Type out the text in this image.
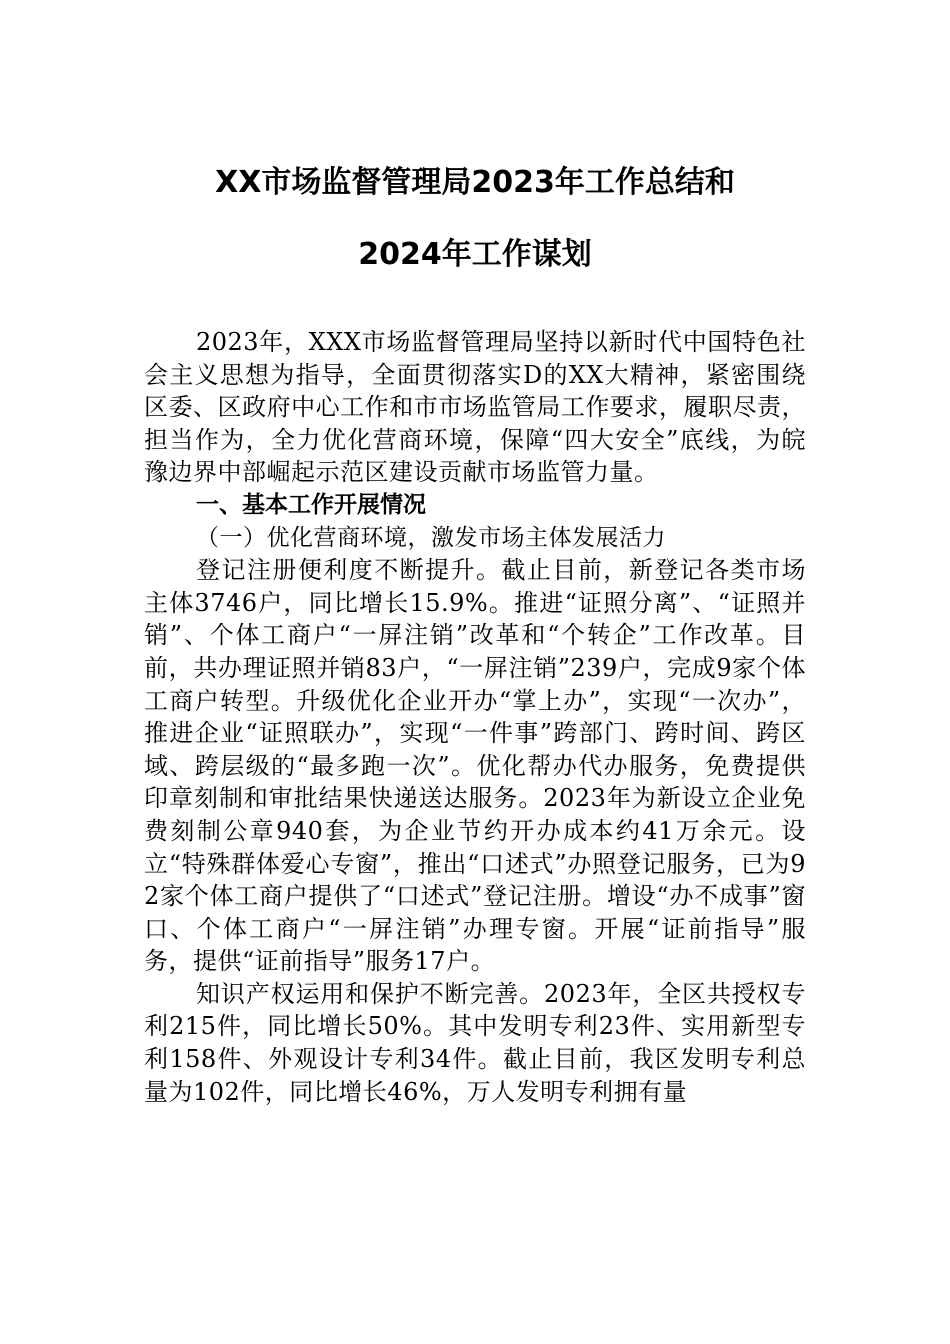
XX市场监督管理局2023年工作总结和
2024年工作谋划

2023年，XXX市场监督管理局坚持以新时代中国特色社会主义思想为指导，全面贯彻落实D的XX大精神，紧密围绕区委、区政府中心工作和市市场监管局工作要求，履职尽责，担当作为，全力优化营商环境，保障“四大安全”底线，为皖豫边界中部崛起示范区建设贡献市场监管力量。

一、基本工作开展情况

（一）优化营商环境，激发市场主体发展活力

登记注册便利度不断提升。截止目前，新登记各类市场主体3746户，同比增长15.9%。推进“证照分离”、“证照并销”、个体工商户“一屏注销”改革和“个转企”工作改革。目前，共办理证照并销83户，“一屏注销”239户，完成9家个体工商户转型。升级优化企业开办“掌上办”，实现“一次办”，推进企业“证照联办”，实现“一件事”跨部门、跨时间、跨区域、跨层级的“最多跑一次”。优化帮办代办服务，免费提供印章刻制和审批结果快递送达服务。2023年为新设立企业免费刻制公章940套，为企业节约开办成本约41万余元。设立“特殊群体爱心专窗”，推出“口述式”办照登记服务，已为92家个体工商户提供了“口述式”登记注册。增设“办不成事”窗口、个体工商户“一屏注销”办理专窗。开展“证前指导”服务，提供“证前指导”服务17户。

知识产权运用和保护不断完善。2023年，全区共授权专利215件，同比增长50%。其中发明专利23件、实用新型专利158件、外观设计专利34件。截止目前，我区发明专利总量为102件，同比增长46%，万人发明专利拥有量
